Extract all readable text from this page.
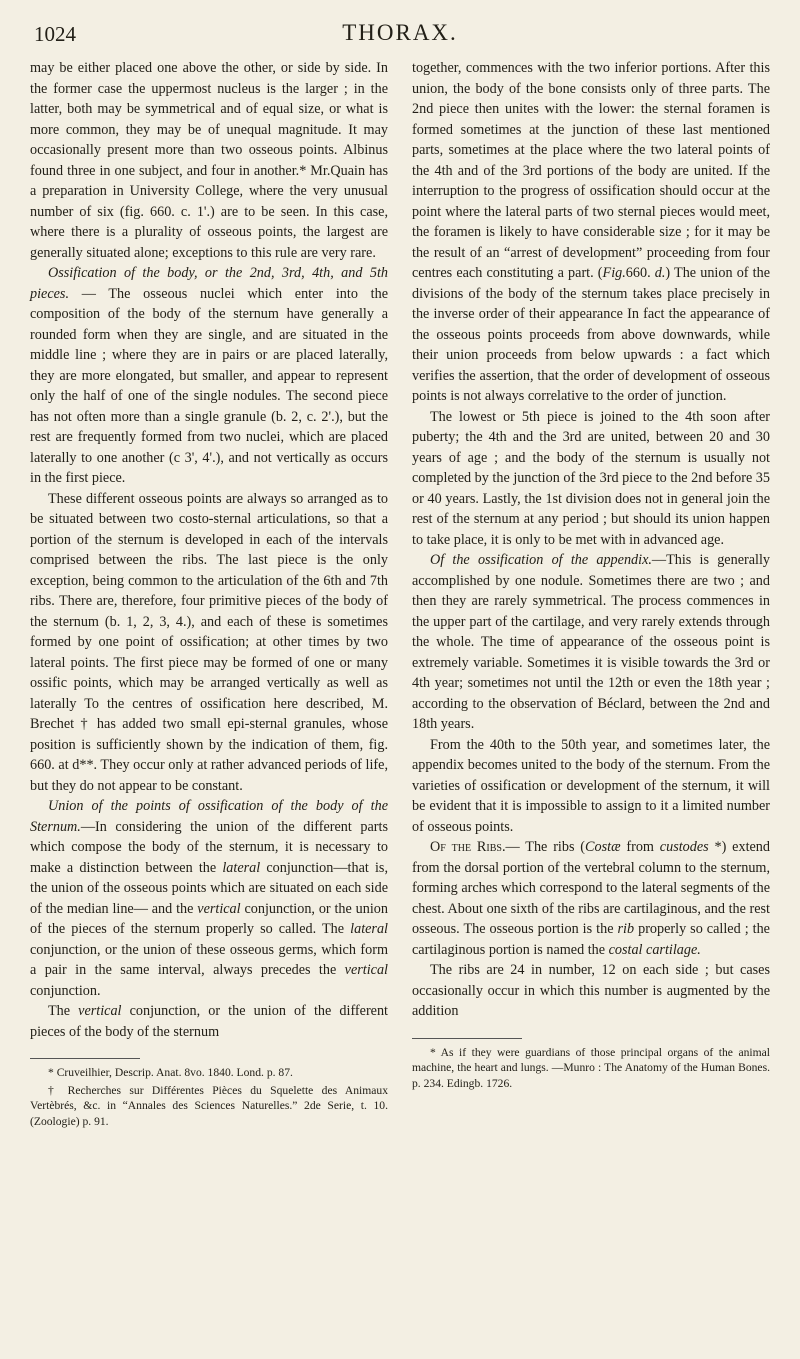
1024	THORAX.

may be either placed one above the other, or side by side. In the former case the uppermost nucleus is the larger ; in the latter, both may be symmetrical and of equal size, or what is more common, they may be of unequal magnitude. It may occasionally present more than two osseous points. Albinus found three in one subject, and four in another.* Mr.Quain has a preparation in University College, where the very unusual number of six (fig. 660. c. 1'.) are to be seen. In this case, where there is a plurality of osseous points, the largest are generally situated alone; exceptions to this rule are very rare.

Ossification of the body, or the 2nd, 3rd, 4th, and 5th pieces. — The osseous nuclei which enter into the composition of the body of the sternum have generally a rounded form when they are single, and are situated in the middle line ; where they are in pairs or are placed laterally, they are more elongated, but smaller, and appear to represent only the half of one of the single nodules. The second piece has not often more than a single granule (b. 2, c. 2'.), but the rest are frequently formed from two nuclei, which are placed laterally to one another (c 3', 4'.), and not vertically as occurs in the first piece.

These different osseous points are always so arranged as to be situated between two costo-sternal articulations, so that a portion of the sternum is developed in each of the intervals comprised between the ribs. The last piece is the only exception, being common to the articulation of the 6th and 7th ribs. There are, therefore, four primitive pieces of the body of the sternum (b. 1, 2, 3, 4.), and each of these is sometimes formed by one point of ossification; at other times by two lateral points. The first piece may be formed of one or many ossific points, which may be arranged vertically as well as laterally To the centres of ossification here described, M. Brechet † has added two small epi-sternal granules, whose position is sufficiently shown by the indication of them, fig. 660. at d**. They occur only at rather advanced periods of life, but they do not appear to be constant.

Union of the points of ossification of the body of the Sternum.—In considering the union of the different parts which compose the body of the sternum, it is necessary to make a distinction between the lateral conjunction—that is, the union of the osseous points which are situated on each side of the median line— and the vertical conjunction, or the union of the pieces of the sternum properly so called. The lateral conjunction, or the union of these osseous germs, which form a pair in the same interval, always precedes the vertical conjunction.

The vertical conjunction, or the union of the different pieces of the body of the sternum

* Cruveilhier, Descrip. Anat. 8vo. 1840. Lond. p. 87.

† Recherches sur Différentes Pièces du Squelette des Animaux Vertèbrés, &c. in “Annales des Sciences Naturelles.” 2de Serie, t. 10. (Zoologie) p. 91.

together, commences with the two inferior portions. After this union, the body of the bone consists only of three parts. The 2nd piece then unites with the lower: the sternal foramen is formed sometimes at the junction of these last mentioned parts, sometimes at the place where the two lateral points of the 4th and of the 3rd portions of the body are united. If the interruption to the progress of ossification should occur at the point where the lateral parts of two sternal pieces would meet, the foramen is likely to have considerable size ; for it may be the result of an “arrest of development” proceeding from four centres each constituting a part. (Fig.660. d.) The union of the divisions of the body of the sternum takes place precisely in the inverse order of their appearance In fact the appearance of the osseous points proceeds from above downwards, while their union proceeds from below upwards : a fact which verifies the assertion, that the order of development of osseous points is not always correlative to the order of junction.

The lowest or 5th piece is joined to the 4th soon after puberty; the 4th and the 3rd are united, between 20 and 30 years of age ; and the body of the sternum is usually not completed by the junction of the 3rd piece to the 2nd before 35 or 40 years. Lastly, the 1st division does not in general join the rest of the sternum at any period ; but should its union happen to take place, it is only to be met with in advanced age.

Of the ossification of the appendix.—This is generally accomplished by one nodule. Sometimes there are two ; and then they are rarely symmetrical. The process commences in the upper part of the cartilage, and very rarely extends through the whole. The time of appearance of the osseous point is extremely variable. Sometimes it is visible towards the 3rd or 4th year; sometimes not until the 12th or even the 18th year ; according to the observation of Béclard, between the 2nd and 18th years.

From the 40th to the 50th year, and sometimes later, the appendix becomes united to the body of the sternum. From the varieties of ossification or development of the sternum, it will be evident that it is impossible to assign to it a limited number of osseous points.

Of the Ribs.— The ribs (Costæ from custodes *) extend from the dorsal portion of the vertebral column to the sternum, forming arches which correspond to the lateral segments of the chest. About one sixth of the ribs are cartilaginous, and the rest osseous. The osseous portion is the rib properly so called ; the cartilaginous portion is named the costal cartilage.

The ribs are 24 in number, 12 on each side ; but cases occasionally occur in which this number is augmented by the addition

* As if they were guardians of those principal organs of the animal machine, the heart and lungs. —Munro : The Anatomy of the Human Bones. p. 234. Edingb. 1726.
